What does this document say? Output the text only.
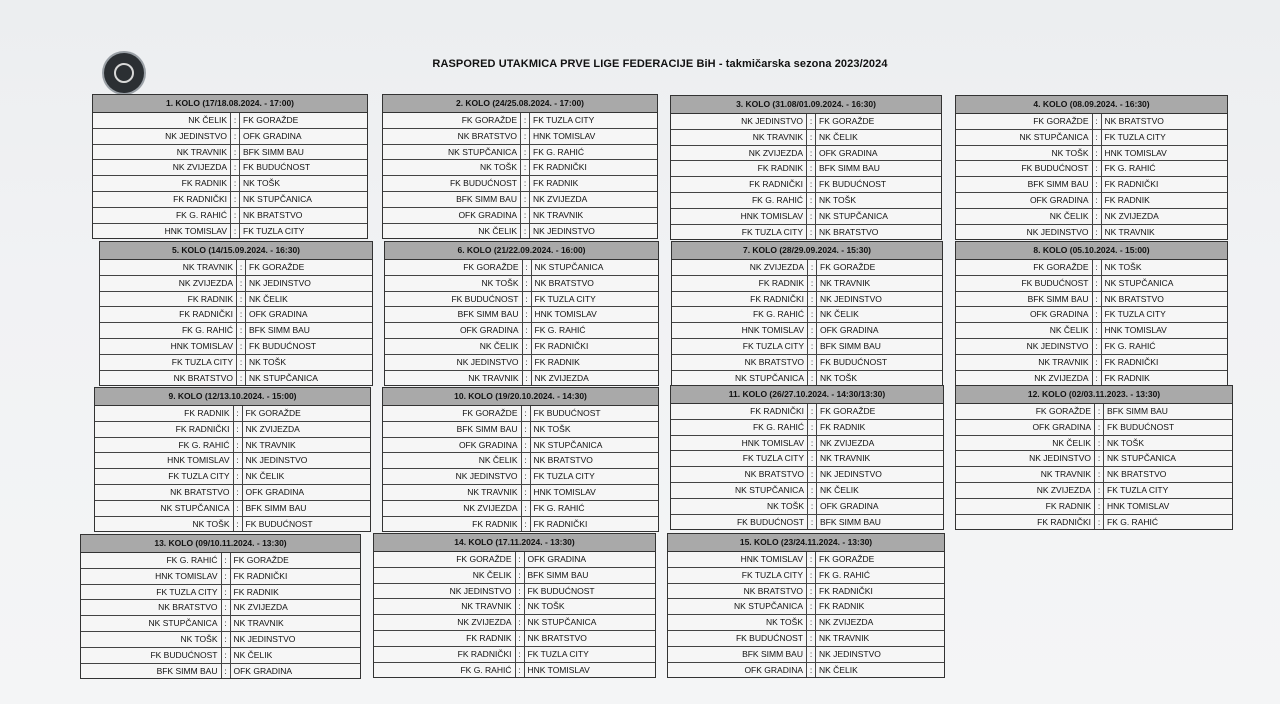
RASPORED UTAKMICA PRVE LIGE FEDERACIJE BiH - takmičarska sezona 2023/2024
1. KOLO (17/18.08.2024. - 17:00)
NK ČELIK : FK GORAŽDE
NK JEDINSTVO : OFK GRADINA
NK TRAVNIK : BFK SIMM BAU
NK ZVIJEZDA : FK BUDUĆNOST
FK RADNIK : NK TOŠK
FK RADNIČKI : NK STUPČANICA
FK G. RAHIĆ : NK BRATSTVO
HNK TOMISLAV : FK TUZLA CITY
2. KOLO (24/25.08.2024. - 17:00)
FK GORAŽDE : FK TUZLA CITY
NK BRATSTVO : HNK TOMISLAV
NK STUPČANICA : FK G. RAHIĆ
NK TOŠK : FK RADNIČKI
FK BUDUĆNOST : FK RADNIK
BFK SIMM BAU : NK ZVIJEZDA
OFK GRADINA : NK TRAVNIK
NK ČELIK : NK JEDINSTVO
3. KOLO (31.08/01.09.2024. - 16:30)
NK JEDINSTVO : FK GORAŽDE
NK TRAVNIK : NK ČELIK
NK ZVIJEZDA : OFK GRADINA
FK RADNIK : BFK SIMM BAU
FK RADNIČKI : FK BUDUĆNOST
FK G. RAHIĆ : NK TOŠK
HNK TOMISLAV : NK STUPČANICA
FK TUZLA CITY : NK BRATSTVO
4. KOLO (08.09.2024. - 16:30)
FK GORAŽDE : NK BRATSTVO
NK STUPČANICA : FK TUZLA CITY
NK TOŠK : HNK TOMISLAV
FK BUDUĆNOST : FK G. RAHIĆ
BFK SIMM BAU : FK RADNIČKI
OFK GRADINA : FK RADNIK
NK ČELIK : NK ZVIJEZDA
NK JEDINSTVO : NK TRAVNIK
5. KOLO (14/15.09.2024. - 16:30)
NK TRAVNIK : FK GORAŽDE
NK ZVIJEZDA : NK JEDINSTVO
FK RADNIK : NK ČELIK
FK RADNIČKI : OFK GRADINA
FK G. RAHIĆ : BFK SIMM BAU
HNK TOMISLAV : FK BUDUĆNOST
FK TUZLA CITY : NK TOŠK
NK BRATSTVO : NK STUPČANICA
6. KOLO (21/22.09.2024. - 16:00)
FK GORAŽDE : NK STUPČANICA
NK TOŠK : NK BRATSTVO
FK BUDUĆNOST : FK TUZLA CITY
BFK SIMM BAU : HNK TOMISLAV
OFK GRADINA : FK G. RAHIĆ
NK ČELIK : FK RADNIČKI
NK JEDINSTVO : FK RADNIK
NK TRAVNIK : NK ZVIJEZDA
7. KOLO (28/29.09.2024. - 15:30)
NK ZVIJEZDA : FK GORAŽDE
FK RADNIK : NK TRAVNIK
FK RADNIČKI : NK JEDINSTVO
FK G. RAHIĆ : NK ČELIK
HNK TOMISLAV : OFK GRADINA
FK TUZLA CITY : BFK SIMM BAU
NK BRATSTVO : FK BUDUĆNOST
NK STUPČANICA : NK TOŠK
8. KOLO (05.10.2024. - 15:00)
FK GORAŽDE : NK TOŠK
FK BUDUĆNOST : NK STUPČANICA
BFK SIMM BAU : NK BRATSTVO
OFK GRADINA : FK TUZLA CITY
NK ČELIK : HNK TOMISLAV
NK JEDINSTVO : FK G. RAHIĆ
NK TRAVNIK : FK RADNIČKI
NK ZVIJEZDA : FK RADNIK
9. KOLO (12/13.10.2024. - 15:00)
FK RADNIK : FK GORAŽDE
FK RADNIČKI : NK ZVIJEZDA
FK G. RAHIĆ : NK TRAVNIK
HNK TOMISLAV : NK JEDINSTVO
FK TUZLA CITY : NK ČELIK
NK BRATSTVO : OFK GRADINA
NK STUPČANICA : BFK SIMM BAU
NK TOŠK : FK BUDUĆNOST
10. KOLO (19/20.10.2024. - 14:30)
FK GORAŽDE : FK BUDUĆNOST
BFK SIMM BAU : NK TOŠK
OFK GRADINA : NK STUPČANICA
NK ČELIK : NK BRATSTVO
NK JEDINSTVO : FK TUZLA CITY
NK TRAVNIK : HNK TOMISLAV
NK ZVIJEZDA : FK G. RAHIĆ
FK RADNIK : FK RADNIČKI
11. KOLO (26/27.10.2024. - 14:30/13:30)
FK RADNIČKI : FK GORAŽDE
FK G. RAHIĆ : FK RADNIK
HNK TOMISLAV : NK ZVIJEZDA
FK TUZLA CITY : NK TRAVNIK
NK BRATSTVO : NK JEDINSTVO
NK STUPČANICA : NK ČELIK
NK TOŠK : OFK GRADINA
FK BUDUĆNOST : BFK SIMM BAU
12. KOLO (02/03.11.2023. - 13:30)
FK GORAŽDE : BFK SIMM BAU
OFK GRADINA : FK BUDUĆNOST
NK ČELIK : NK TOŠK
NK JEDINSTVO : NK STUPČANICA
NK TRAVNIK : NK BRATSTVO
NK ZVIJEZDA : FK TUZLA CITY
FK RADNIK : HNK TOMISLAV
FK RADNIČKI : FK G. RAHIĆ
13. KOLO (09/10.11.2024. - 13:30)
FK G. RAHIĆ : FK GORAŽDE
HNK TOMISLAV : FK RADNIČKI
FK TUZLA CITY : FK RADNIK
NK BRATSTVO : NK ZVIJEZDA
NK STUPČANICA : NK TRAVNIK
NK TOŠK : NK JEDINSTVO
FK BUDUĆNOST : NK ČELIK
BFK SIMM BAU : OFK GRADINA
14. KOLO (17.11.2024. - 13:30)
FK GORAŽDE : OFK GRADINA
NK ČELIK : BFK SIMM BAU
NK JEDINSTVO : FK BUDUĆNOST
NK TRAVNIK : NK TOŠK
NK ZVIJEZDA : NK STUPČANICA
FK RADNIK : NK BRATSTVO
FK RADNIČKI : FK TUZLA CITY
FK G. RAHIĆ : HNK TOMISLAV
15. KOLO (23/24.11.2024. - 13:30)
HNK TOMISLAV : FK GORAŽDE
FK TUZLA CITY : FK G. RAHIĆ
NK BRATSTVO : FK RADNIČKI
NK STUPČANICA : FK RADNIK
NK TOŠK : NK ZVIJEZDA
FK BUDUĆNOST : NK TRAVNIK
BFK SIMM BAU : NK JEDINSTVO
OFK GRADINA : NK ČELIK
